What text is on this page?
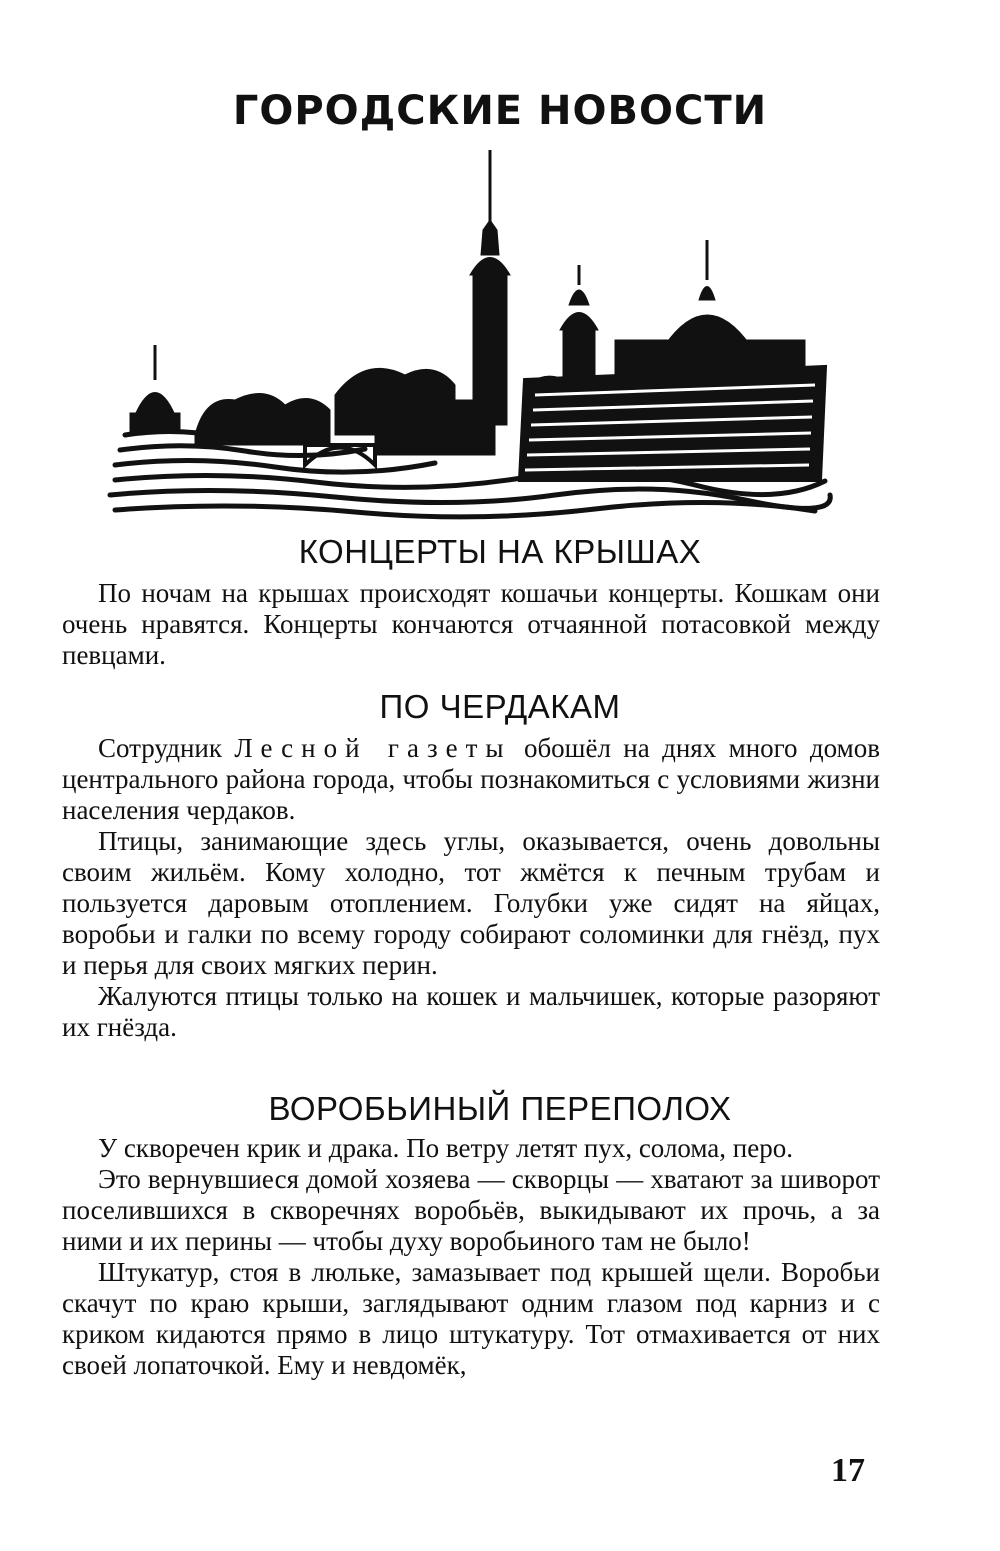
ГОРОДСКИЕ НОВОСТИ
КОНЦЕРТЫ НА КРЫШАХ

По ночам на крышах происходят кошачьи концерты. Кошкам они очень нравятся. Концерты кончаются отчаянной потасовкой между певцами.

ПО ЧЕРДАКАМ

Сотрудник Лесной газеты обошёл на днях много домов центрального района города, чтобы познакомиться с условиями жизни населения чердаков.

Птицы, занимающие здесь углы, оказывается, очень довольны своим жильём. Кому холодно, тот жмётся к печным трубам и пользуется даровым отоплением. Голубки уже сидят на яйцах, воробьи и галки по всему городу собирают соломинки для гнёзд, пух и перья для своих мягких перин.

Жалуются птицы только на кошек и мальчишек, которые разоряют их гнёзда.

ВОРОБЬИНЫЙ ПЕРЕПОЛОХ

У скворечен крик и драка. По ветру летят пух, солома, перо.

Это вернувшиеся домой хозяева — скворцы — хватают за шиворот поселившихся в скворечнях воробьёв, выкидывают их прочь, а за ними и их перины — чтобы духу воробьиного там не было!

Штукатур, стоя в люльке, замазывает под крышей щели. Воробьи скачут по краю крыши, заглядывают одним глазом под карниз и с криком кидаются прямо в лицо штукатуру. Тот отмахивается от них своей лопаточкой. Ему и невдомёк,

17
